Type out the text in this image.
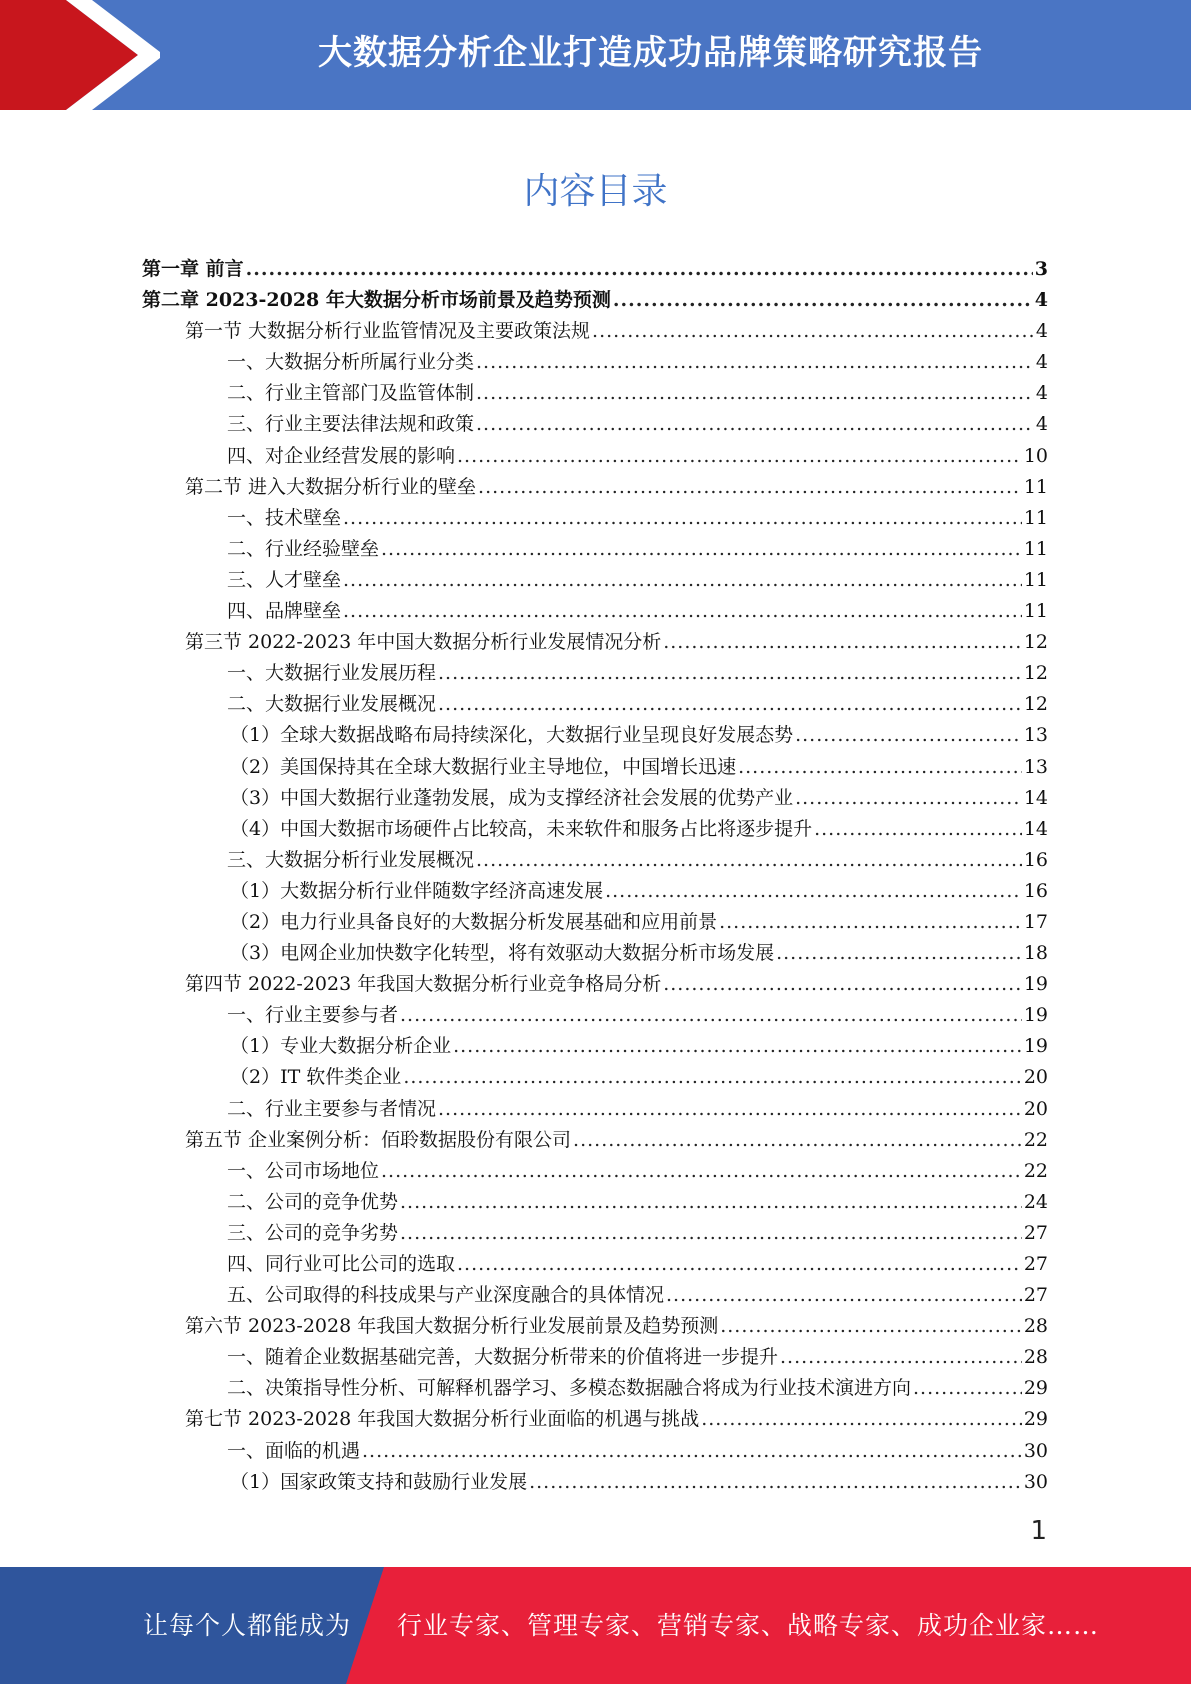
大数据分析企业打造成功品牌策略研究报告
内容目录
第一章 前言 .....	3
第二章 2023-2028 年大数据分析市场前景及趋势预测 .....	4
第一节 大数据分析行业监管情况及主要政策法规 .....	4
一、大数据分析所属行业分类 .....	4
二、行业主管部门及监管体制 .....	4
三、行业主要法律法规和政策 .....	4
四、对企业经营发展的影响 .....	10
第二节 进入大数据分析行业的壁垒 .....	11
一、技术壁垒 .....	11
二、行业经验壁垒 .....	11
三、人才壁垒 .....	11
四、品牌壁垒 .....	11
第三节 2022-2023 年中国大数据分析行业发展情况分析 .....	12
一、大数据行业发展历程 .....	12
二、大数据行业发展概况 .....	12
（1）全球大数据战略布局持续深化，大数据行业呈现良好发展态势 .....	13
（2）美国保持其在全球大数据行业主导地位，中国增长迅速 .....	13
（3）中国大数据行业蓬勃发展，成为支撑经济社会发展的优势产业 .....	14
（4）中国大数据市场硬件占比较高，未来软件和服务占比将逐步提升 .....	14
三、大数据分析行业发展概况 .....	16
（1）大数据分析行业伴随数字经济高速发展 .....	16
（2）电力行业具备良好的大数据分析发展基础和应用前景 .....	17
（3）电网企业加快数字化转型，将有效驱动大数据分析市场发展 .....	18
第四节 2022-2023 年我国大数据分析行业竞争格局分析 .....	19
一、行业主要参与者 .....	19
（1）专业大数据分析企业 .....	19
（2）IT 软件类企业 .....	20
二、行业主要参与者情况 .....	20
第五节 企业案例分析：佰聆数据股份有限公司 .....	22
一、公司市场地位 .....	22
二、公司的竞争优势 .....	24
三、公司的竞争劣势 .....	27
四、同行业可比公司的选取 .....	27
五、公司取得的科技成果与产业深度融合的具体情况 .....	27
第六节 2023-2028 年我国大数据分析行业发展前景及趋势预测 .....	28
一、随着企业数据基础完善，大数据分析带来的价值将进一步提升 .....	28
二、决策指导性分析、可解释机器学习、多模态数据融合将成为行业技术演进方向 .....	29
第七节 2023-2028 年我国大数据分析行业面临的机遇与挑战 .....	29
一、面临的机遇 .....	30
（1）国家政策支持和鼓励行业发展 .....	30
1
让每个人都能成为 行业专家、管理专家、营销专家、战略专家、成功企业家……
